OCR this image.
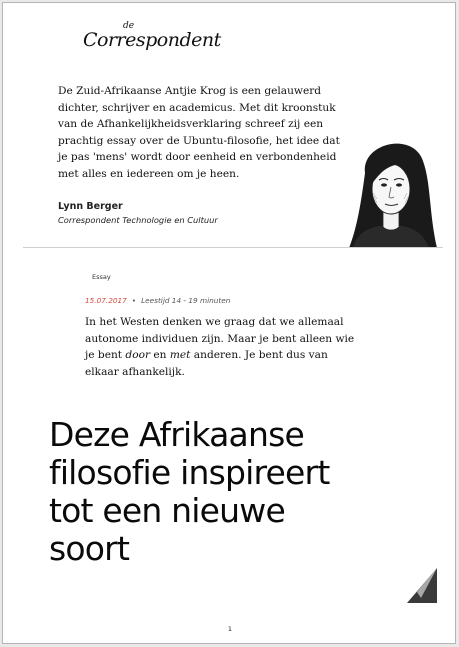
de
Correspondent
De Zuid-Afrikaanse Antjie Krog is een gelauwerd dichter, schrijver en academicus. Met dit kroonstuk van de Afhankelijkheidsverklaring schreef zij een prachtig essay over de Ubuntu-filosofie, het idee dat je pas 'mens' wordt door eenheid en verbondenheid met alles en iedereen om je heen.
Lynn Berger
Correspondent Technologie en Cultuur
Essay
15.07.2017 • Leestijd 14 - 19 minuten
In het Westen denken we graag dat we allemaal autonome individuen zijn. Maar je bent alleen wie je bent door en met anderen. Je bent dus van elkaar afhankelijk.
Deze Afrikaanse filosofie inspireert tot een nieuwe soort
1
